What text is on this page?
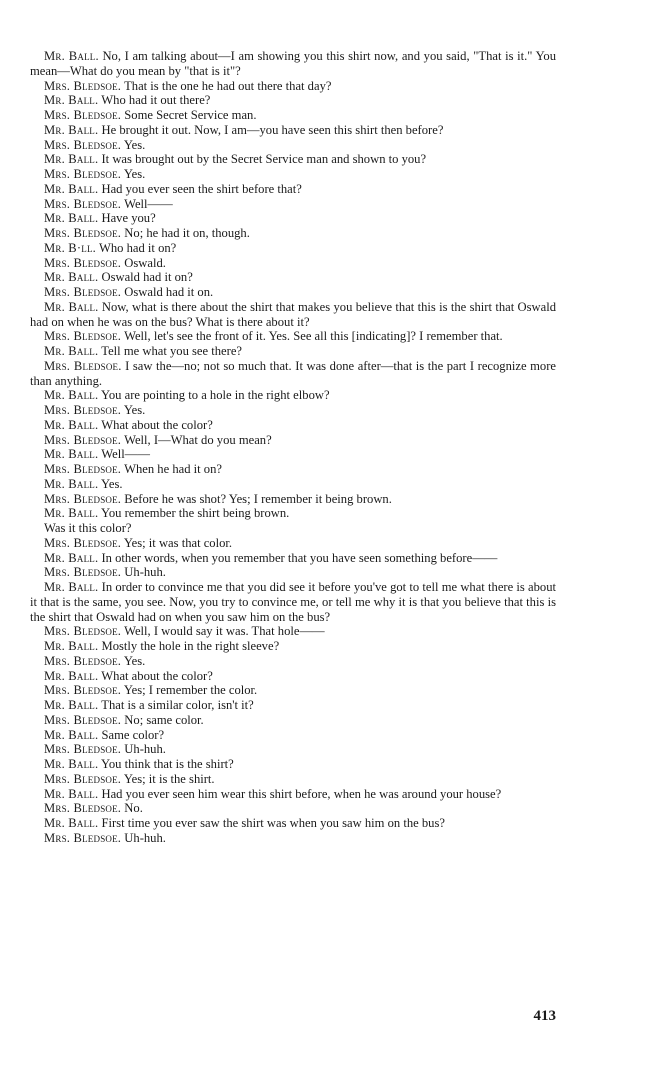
Mr. Ball. No, I am talking about—I am showing you this shirt now, and you said, "That is it." You mean—What do you mean by "that is it"?

Mrs. Bledsoe. That is the one he had out there that day?

Mr. Ball. Who had it out there?

Mrs. Bledsoe. Some Secret Service man.

Mr. Ball. He brought it out. Now, I am—you have seen this shirt then before?

Mrs. Bledsoe. Yes.

Mr. Ball. It was brought out by the Secret Service man and shown to you?

Mrs. Bledsoe. Yes.

Mr. Ball. Had you ever seen the shirt before that?

Mrs. Bledsoe. Well——

Mr. Ball. Have you?

Mrs. Bledsoe. No; he had it on, though.

Mr. B·ll. Who had it on?

Mrs. Bledsoe. Oswald.

Mr. Ball. Oswald had it on?

Mrs. Bledsoe. Oswald had it on.

Mr. Ball. Now, what is there about the shirt that makes you believe that this is the shirt that Oswald had on when he was on the bus? What is there about it?

Mrs. Bledsoe. Well, let's see the front of it. Yes. See all this [indicating]? I remember that.

Mr. Ball. Tell me what you see there?

Mrs. Bledsoe. I saw the—no; not so much that. It was done after—that is the part I recognize more than anything.

Mr. Ball. You are pointing to a hole in the right elbow?

Mrs. Bledsoe. Yes.

Mr. Ball. What about the color?

Mrs. Bledsoe. Well, I—What do you mean?

Mr. Ball. Well——

Mrs. Bledsoe. When he had it on?

Mr. Ball. Yes.

Mrs. Bledsoe. Before he was shot? Yes; I remember it being brown.

Mr. Ball. You remember the shirt being brown.

Was it this color?

Mrs. Bledsoe. Yes; it was that color.

Mr. Ball. In other words, when you remember that you have seen something before——

Mrs. Bledsoe. Uh-huh.

Mr. Ball. In order to convince me that you did see it before you've got to tell me what there is about it that is the same, you see. Now, you try to convince me, or tell me why it is that you believe that this is the shirt that Oswald had on when you saw him on the bus?

Mrs. Bledsoe. Well, I would say it was. That hole——

Mr. Ball. Mostly the hole in the right sleeve?

Mrs. Bledsoe. Yes.

Mr. Ball. What about the color?

Mrs. Bledsoe. Yes; I remember the color.

Mr. Ball. That is a similar color, isn't it?

Mrs. Bledsoe. No; same color.

Mr. Ball. Same color?

Mrs. Bledsoe. Uh-huh.

Mr. Ball. You think that is the shirt?

Mrs. Bledsoe. Yes; it is the shirt.

Mr. Ball. Had you ever seen him wear this shirt before, when he was around your house?

Mrs. Bledsoe. No.

Mr. Ball. First time you ever saw the shirt was when you saw him on the bus?

Mrs. Bledsoe. Uh-huh.

413
